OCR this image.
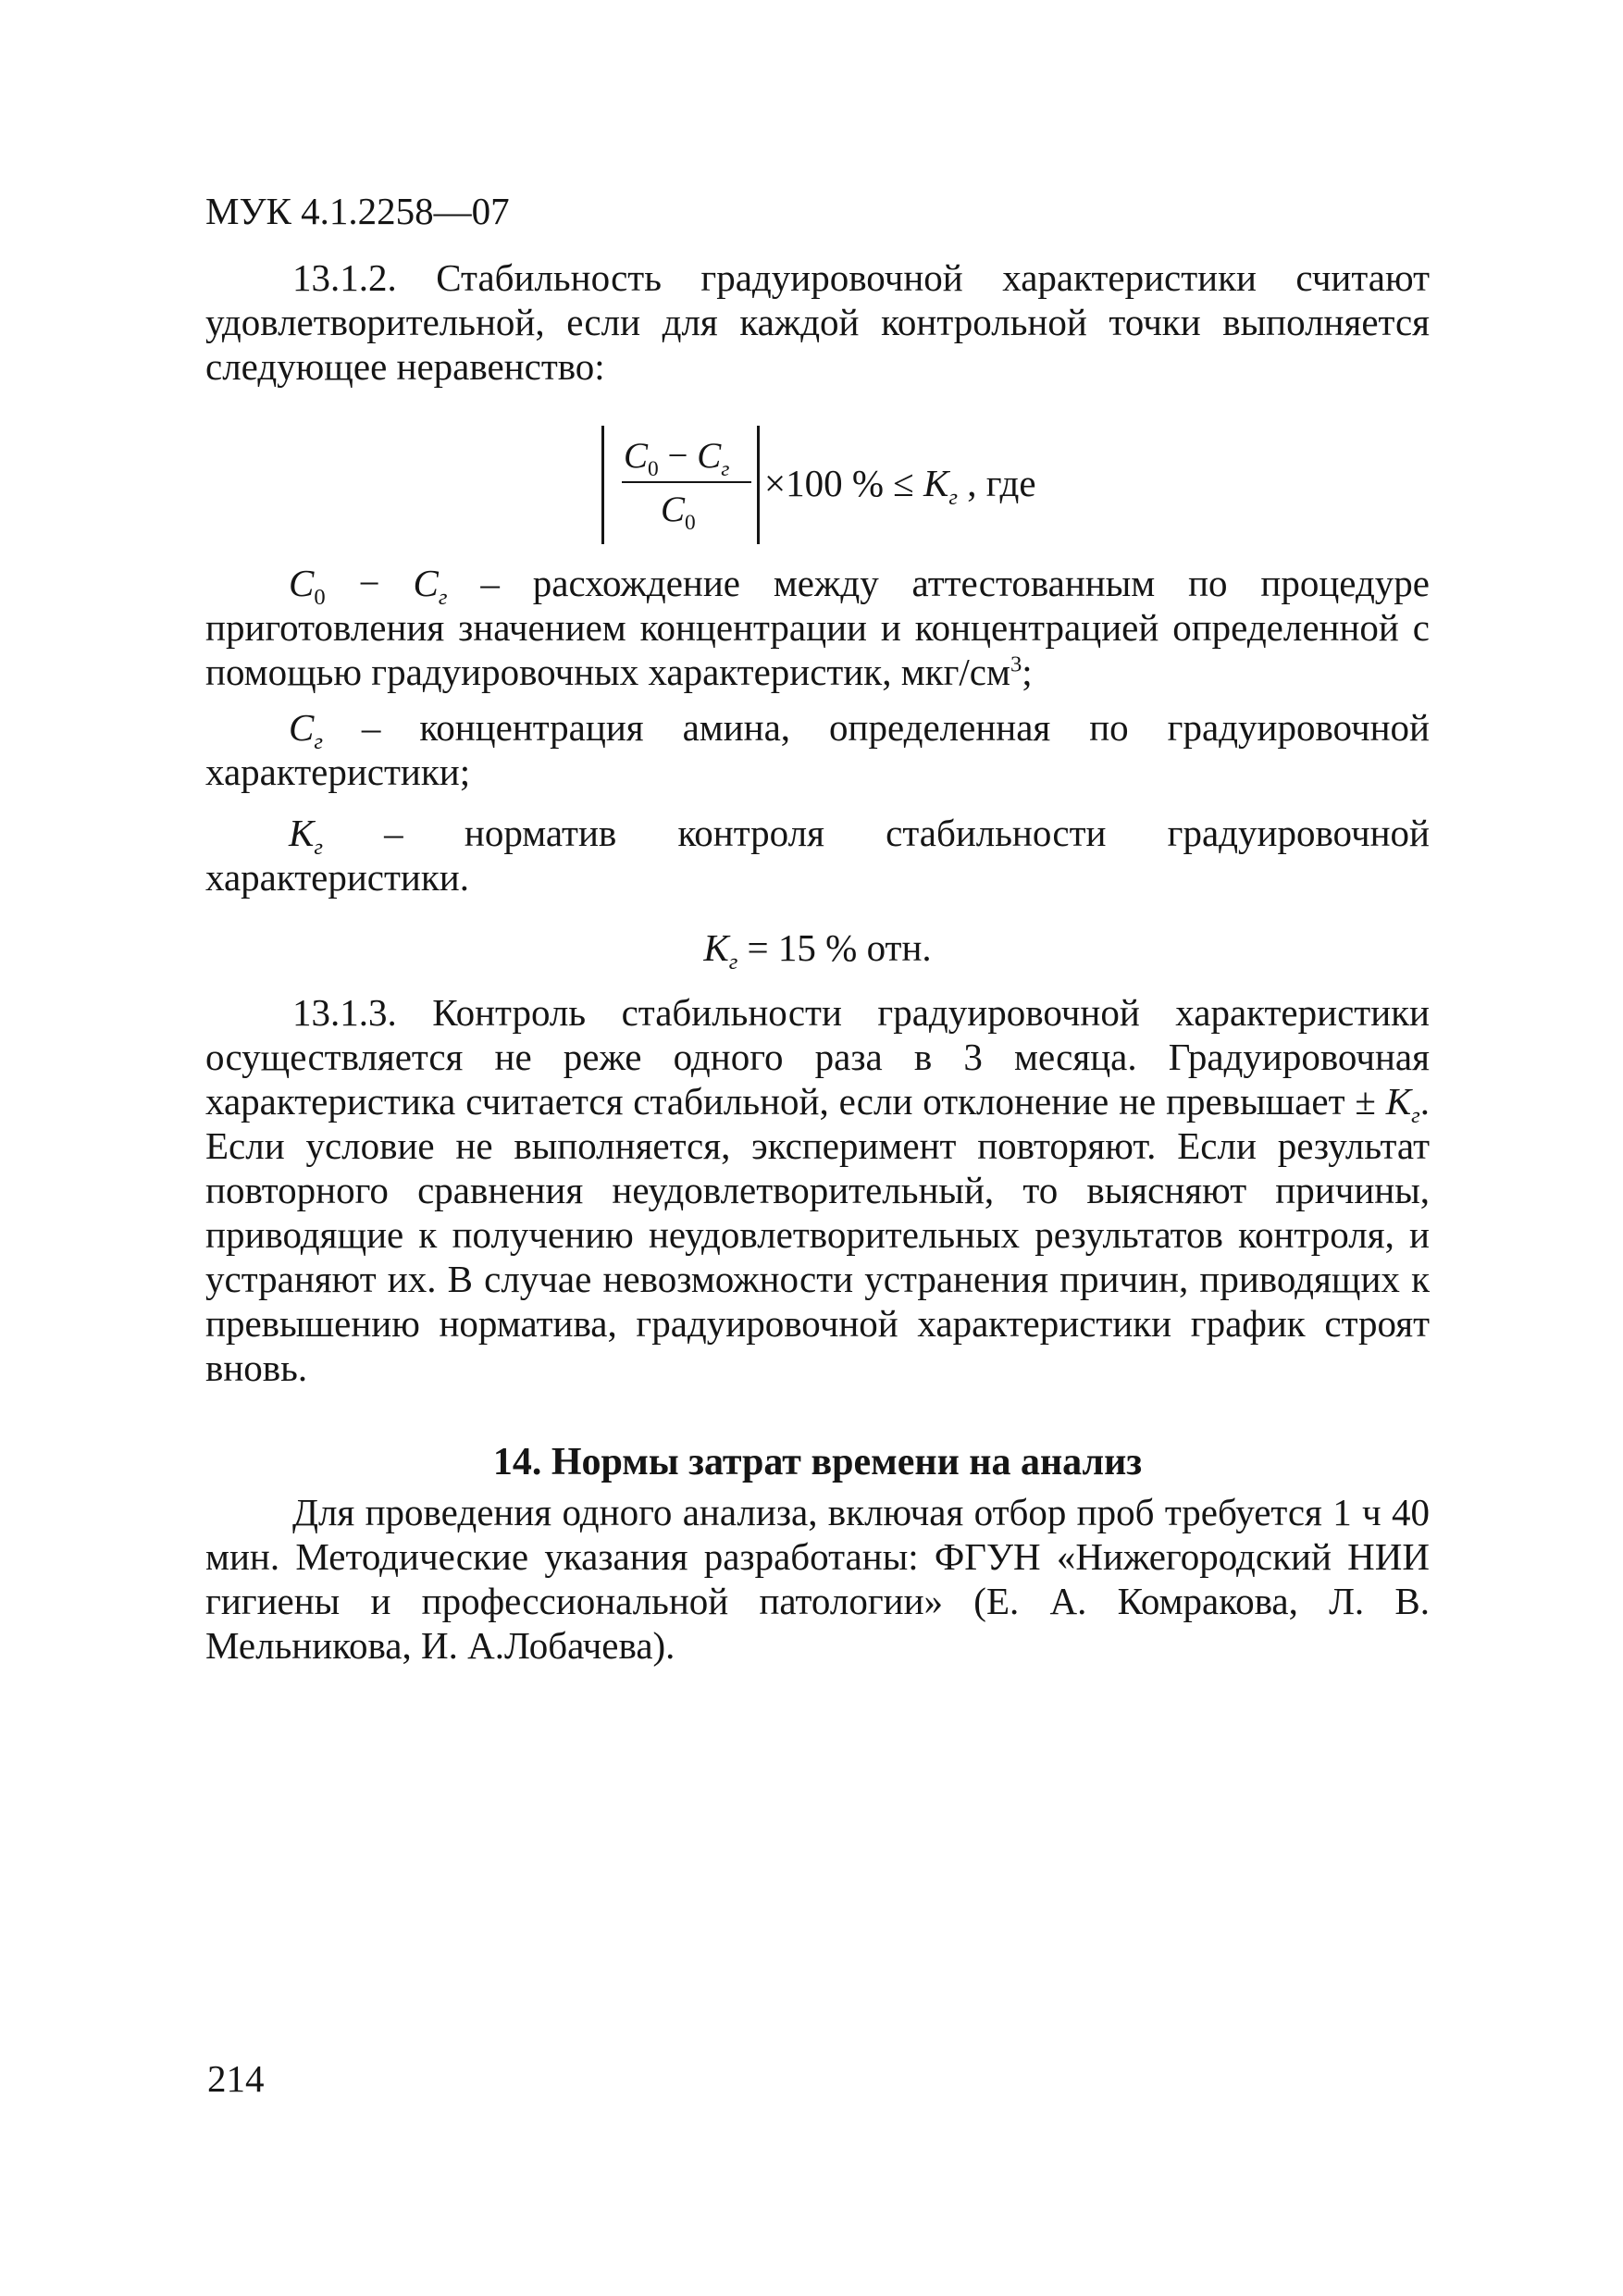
МУК 4.1.2258—07

13.1.2. Стабильность градуировочной характеристики считают удовлетворительной, если для каждой контрольной точки выполняется следующее неравенство:

$C_0 - C_г$
$C_0$
×100 % ≤ $K_г$ , где

$C_0 - C_г$ – расхождение между аттестованным по процедуре приготовления значением концентрации и концентрацией определенной с помощью градуировочных характеристик, мкг/$см^3$;

$C_г$ – концентрация амина, определенная по градуировочной характеристики;

$K_г$ – норматив контроля стабильности градуировочной характеристики.

$K_г = 15$ % отн.

13.1.3. Контроль стабильности градуировочной характеристики осуществляется не реже одного раза в 3 месяца. Градуировочная характеристика считается стабильной, если отклонение не превышает ± $K_г$. Если условие не выполняется, эксперимент повторяют. Если результат повторного сравнения неудовлетворительный, то выясняют причины, приводящие к получению неудовлетворительных результатов контроля, и устраняют их. В случае невозможности устранения причин, приводящих к превышению норматива, градуировочной характеристики график строят вновь.

14. Нормы затрат времени на анализ

Для проведения одного анализа, включая отбор проб требуется 1 ч 40 мин. Методические указания разработаны: ФГУН «Нижегородский НИИ гигиены и профессиональной патологии» (Е. А. Комракова, Л. В. Мельникова, И. А.Лобачева).

214
